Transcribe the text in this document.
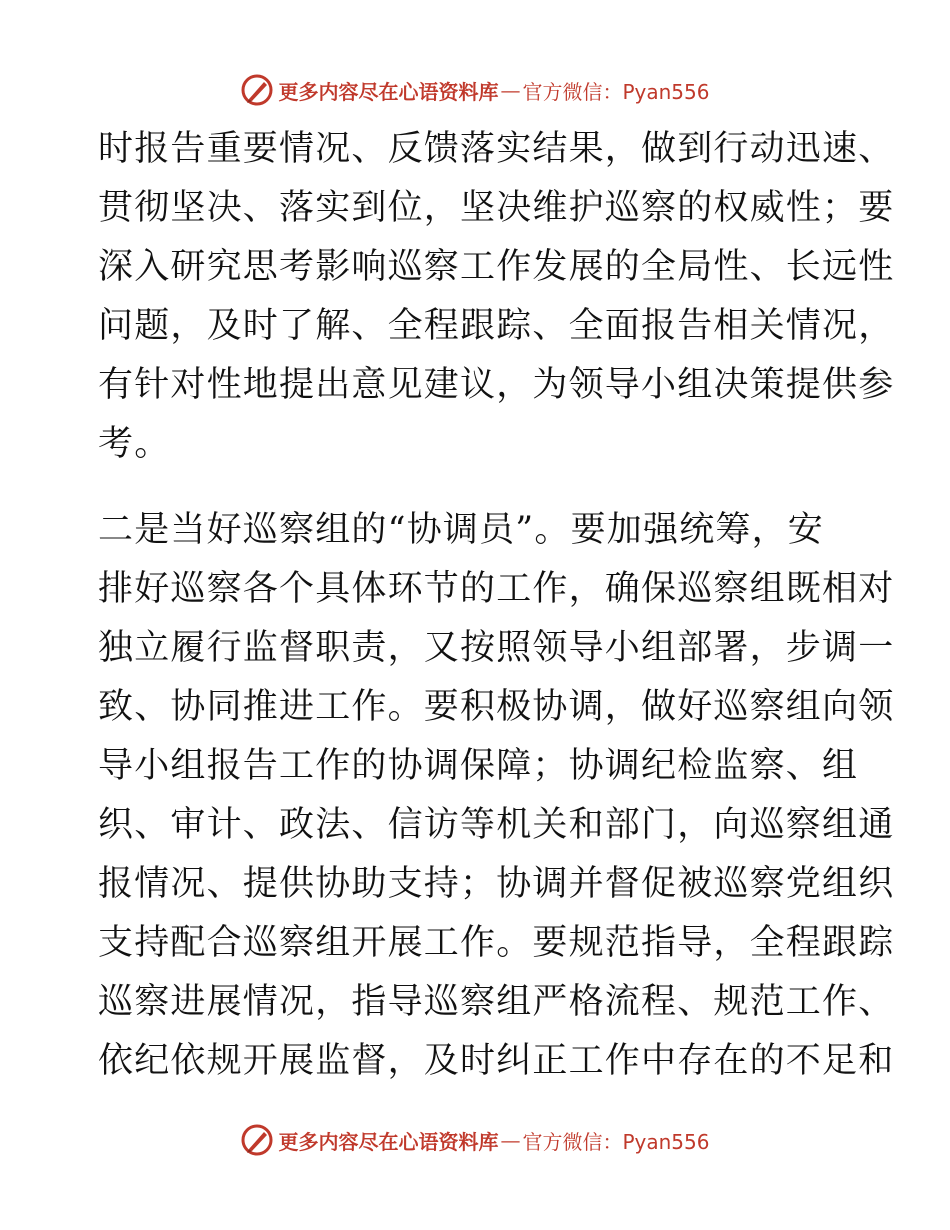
更多内容尽在心语资料库 — 官方微信：Pyan556
时报告重要情况、反馈落实结果，做到行动迅速、
贯彻坚决、落实到位，坚决维护巡察的权威性；要
深入研究思考影响巡察工作发展的全局性、长远性
问题，及时了解、全程跟踪、全面报告相关情况，
有针对性地提出意见建议，为领导小组决策提供参
考。
二是当好巡察组的“协调员”。要加强统筹，安
排好巡察各个具体环节的工作，确保巡察组既相对
独立履行监督职责，又按照领导小组部署，步调一
致、协同推进工作。要积极协调，做好巡察组向领
导小组报告工作的协调保障；协调纪检监察、组
织、审计、政法、信访等机关和部门，向巡察组通
报情况、提供协助支持；协调并督促被巡察党组织
支持配合巡察组开展工作。要规范指导，全程跟踪
巡察进展情况，指导巡察组严格流程、规范工作、
依纪依规开展监督，及时纠正工作中存在的不足和
更多内容尽在心语资料库 — 官方微信：Pyan556
